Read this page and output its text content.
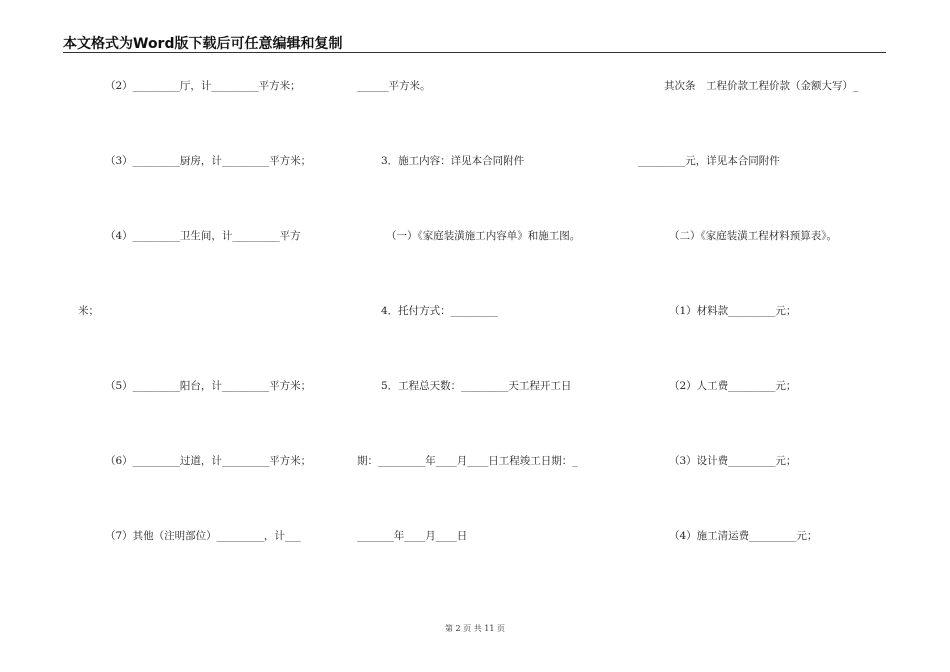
本文格式为Word版下载后可任意编辑和复制
（2）_________厅，计_________平方米；
（3）_________厨房，计_________平方米；
（4）_________卫生间，计_________平方
米；
（5）_________阳台，计_________平方米；
（6）_________过道，计_________平方米；
（7）其他（注明部位）_________，计___
______平方米。
3．施工内容：详见本合同附件
（一）《家庭装潢施工内容单》和施工图。
4．托付方式：_________
5．工程总天数：_________天工程开工日
期：_________年____月____日工程竣工日期：_
_______年____月____日
其次条　工程价款工程价款（金额大写）_
_________元，详见本合同附件
（二）《家庭装潢工程材料预算表》。
（1）材料款_________元；
（2）人工费_________元；
（3）设计费_________元；
（4）施工清运费_________元；
第 2 页 共 11 页
